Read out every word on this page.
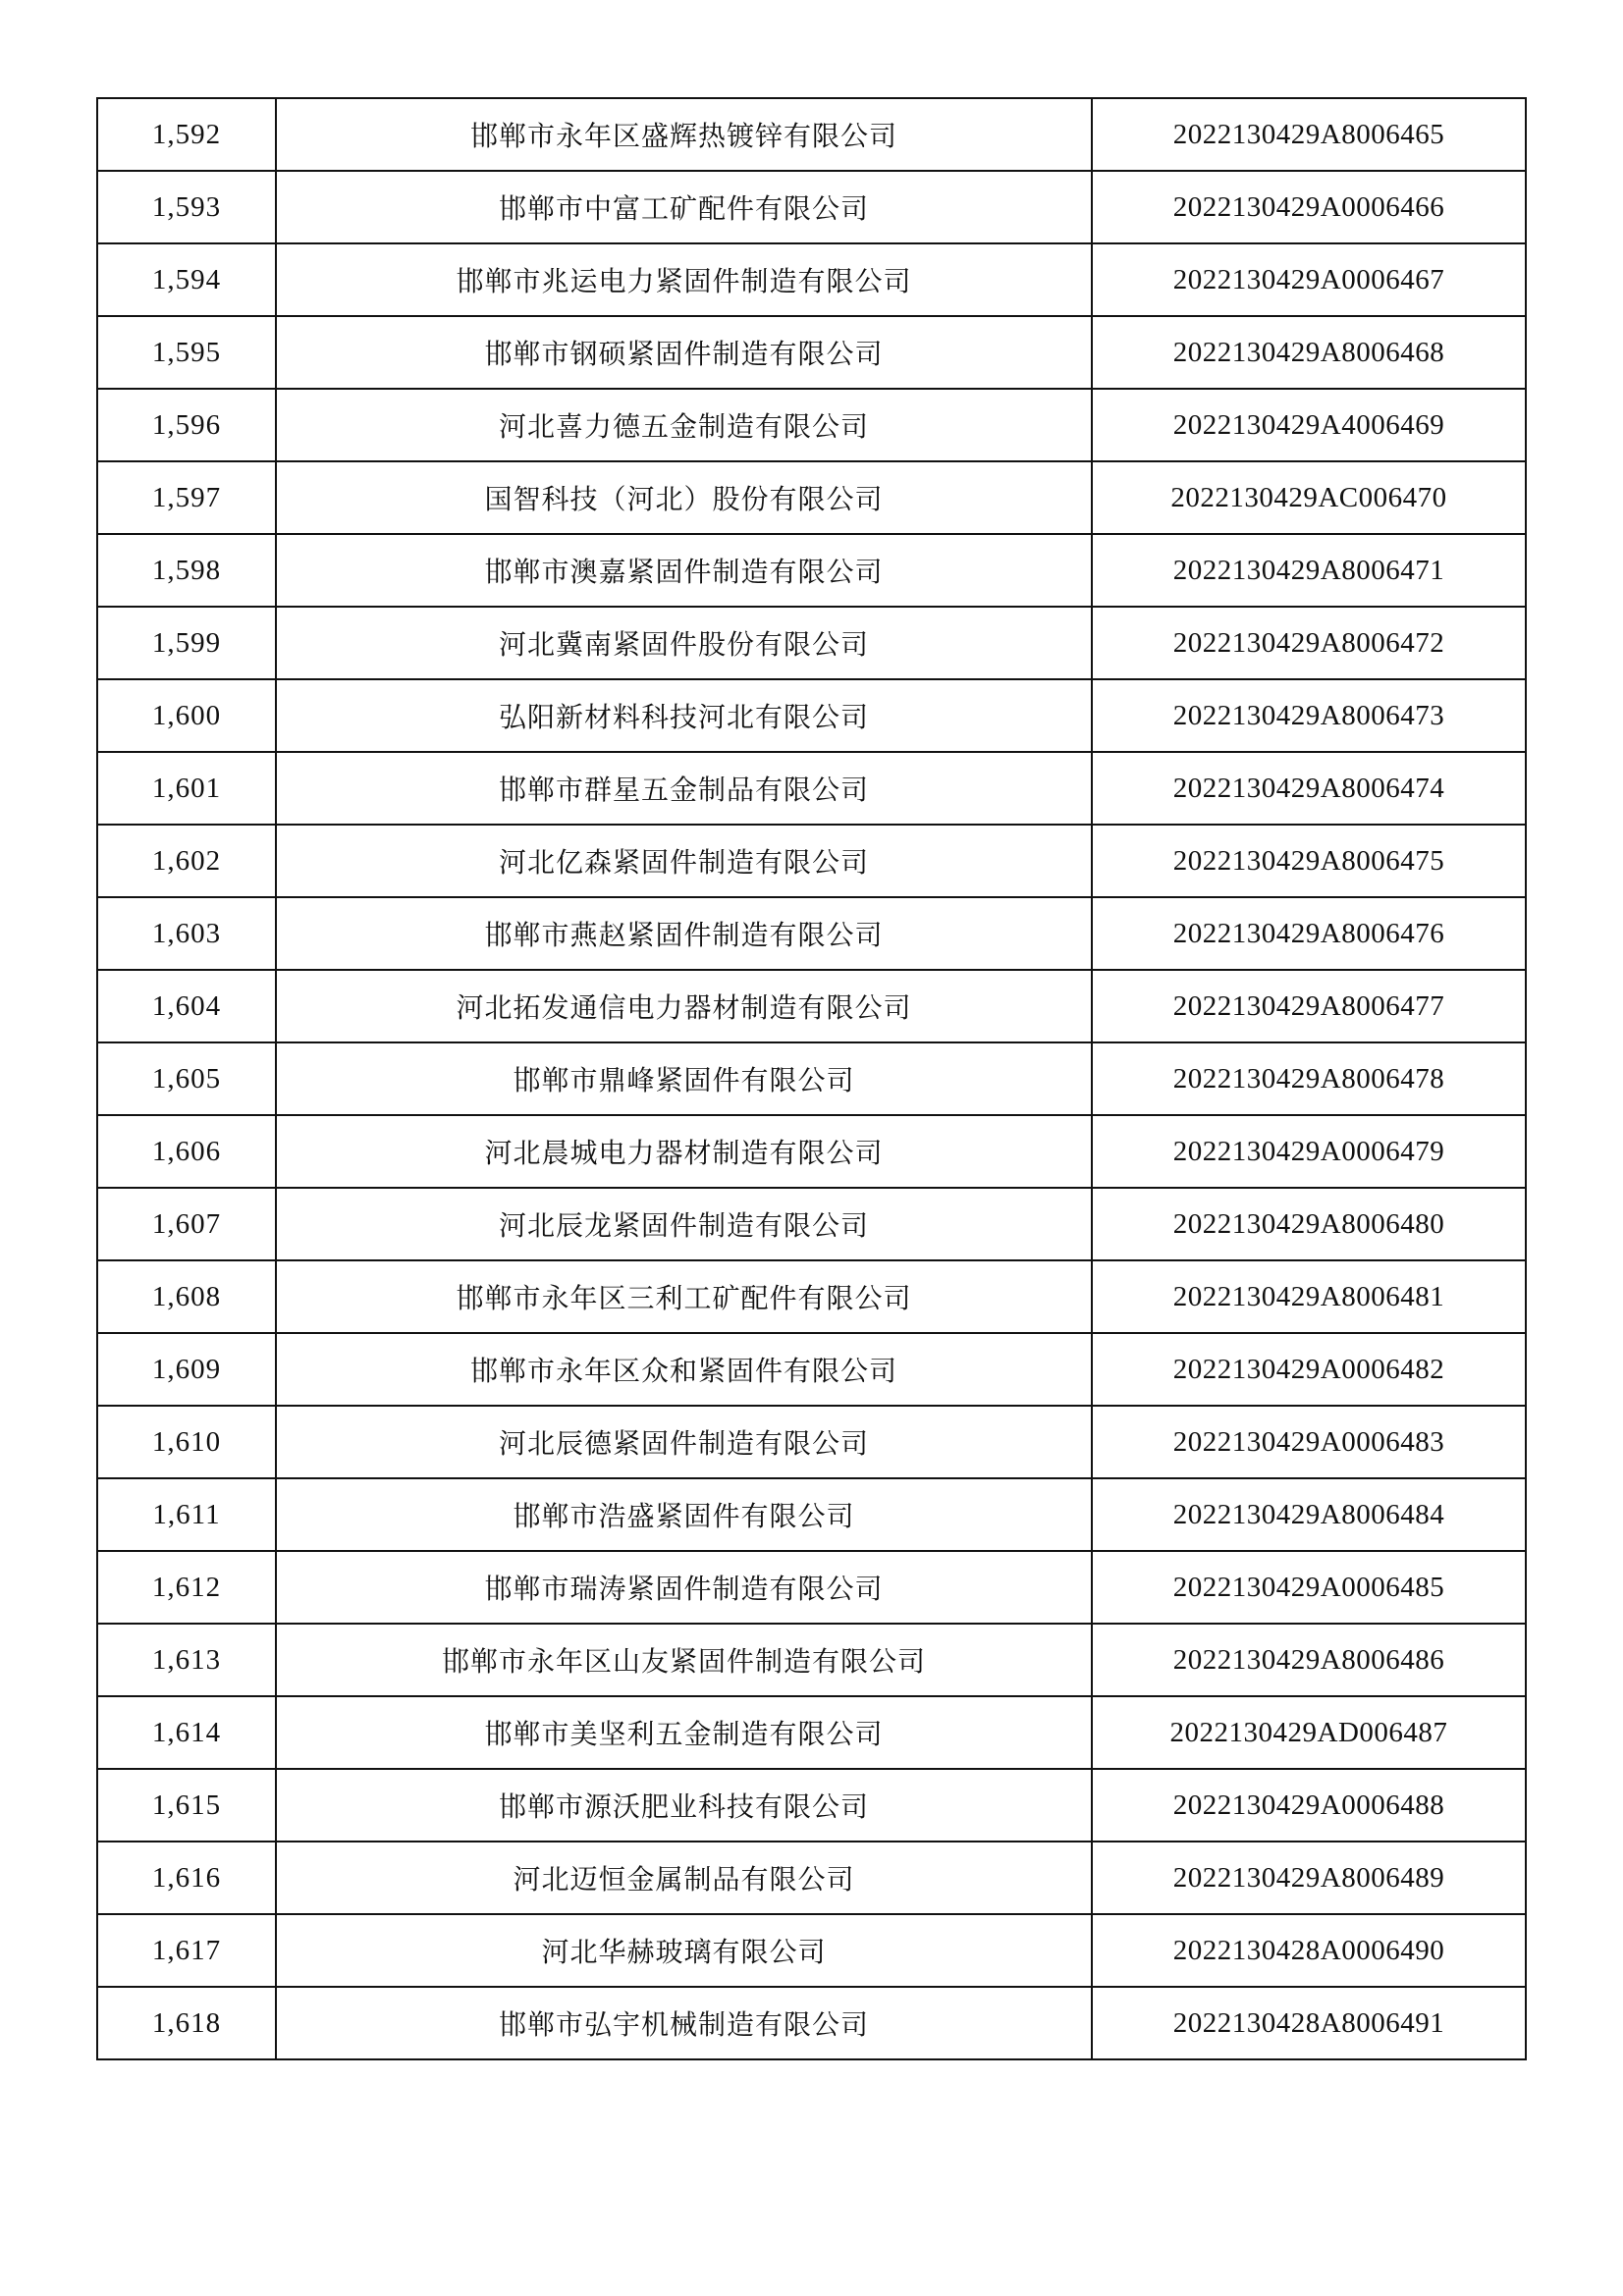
1,592	邯郸市永年区盛辉热镀锌有限公司	2022130429A8006465
1,593	邯郸市中富工矿配件有限公司	2022130429A0006466
1,594	邯郸市兆运电力紧固件制造有限公司	2022130429A0006467
1,595	邯郸市钢硕紧固件制造有限公司	2022130429A8006468
1,596	河北喜力德五金制造有限公司	2022130429A4006469
1,597	国智科技（河北）股份有限公司	2022130429AC006470
1,598	邯郸市澳嘉紧固件制造有限公司	2022130429A8006471
1,599	河北冀南紧固件股份有限公司	2022130429A8006472
1,600	弘阳新材料科技河北有限公司	2022130429A8006473
1,601	邯郸市群星五金制品有限公司	2022130429A8006474
1,602	河北亿森紧固件制造有限公司	2022130429A8006475
1,603	邯郸市燕赵紧固件制造有限公司	2022130429A8006476
1,604	河北拓发通信电力器材制造有限公司	2022130429A8006477
1,605	邯郸市鼎峰紧固件有限公司	2022130429A8006478
1,606	河北晨城电力器材制造有限公司	2022130429A0006479
1,607	河北辰龙紧固件制造有限公司	2022130429A8006480
1,608	邯郸市永年区三利工矿配件有限公司	2022130429A8006481
1,609	邯郸市永年区众和紧固件有限公司	2022130429A0006482
1,610	河北辰德紧固件制造有限公司	2022130429A0006483
1,611	邯郸市浩盛紧固件有限公司	2022130429A8006484
1,612	邯郸市瑞涛紧固件制造有限公司	2022130429A0006485
1,613	邯郸市永年区山友紧固件制造有限公司	2022130429A8006486
1,614	邯郸市美坚利五金制造有限公司	2022130429AD006487
1,615	邯郸市源沃肥业科技有限公司	2022130429A0006488
1,616	河北迈恒金属制品有限公司	2022130429A8006489
1,617	河北华赫玻璃有限公司	2022130428A0006490
1,618	邯郸市弘宇机械制造有限公司	2022130428A8006491
